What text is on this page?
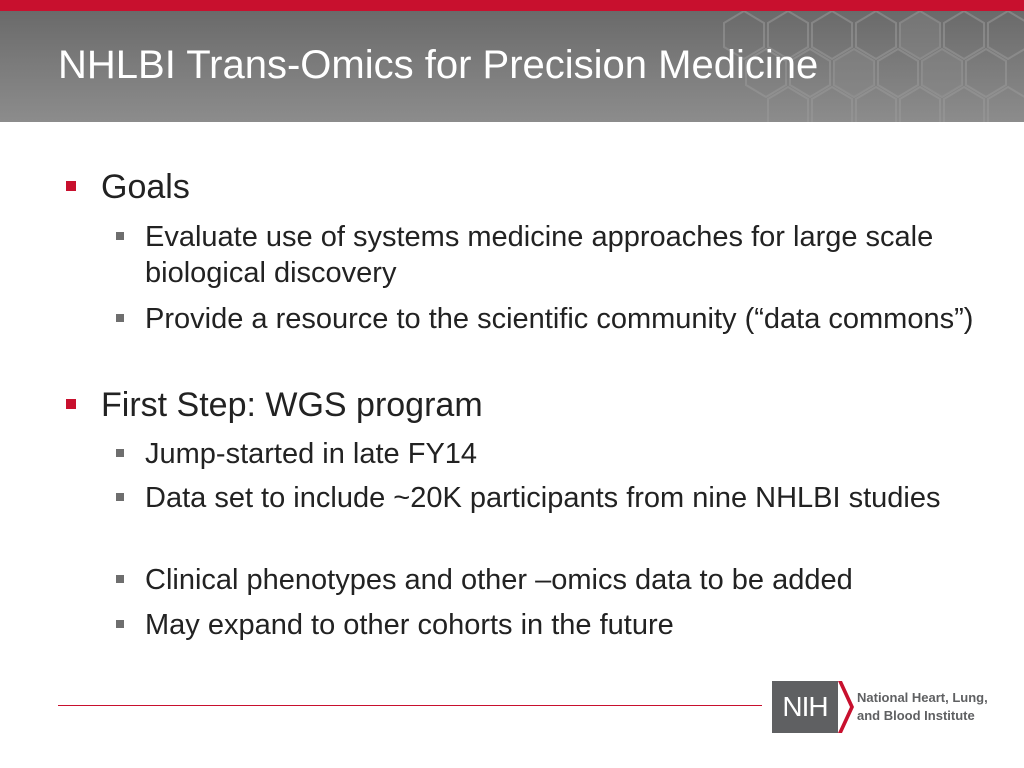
NHLBI Trans-Omics for Precision Medicine
Goals
Evaluate use of systems medicine approaches for large scale biological discovery
Provide a resource to the scientific community (“data commons”)
First Step: WGS program
Jump-started in late FY14
Data set to include ~20K participants from nine NHLBI studies
Clinical phenotypes and other –omics data to be added
May expand to other cohorts in the future
NIH	National Heart, Lung,
and Blood Institute
